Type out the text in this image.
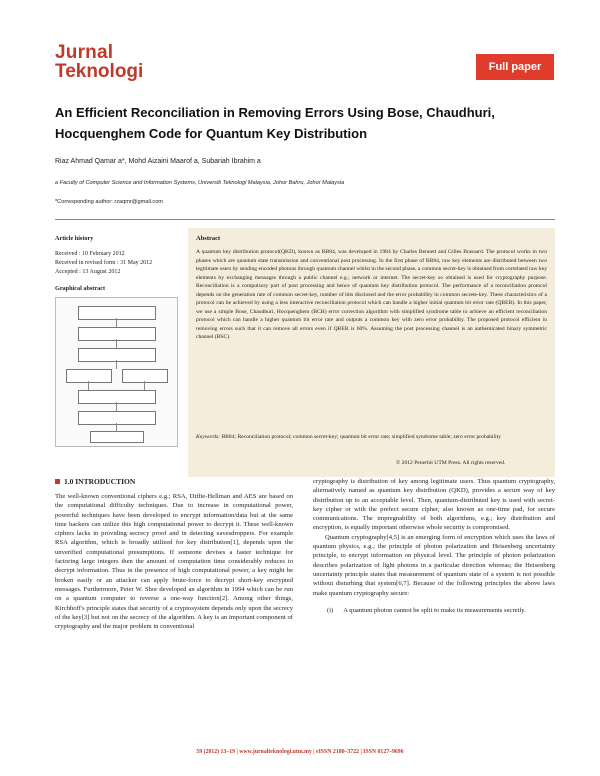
Jurnal
Teknologi	Full paper
An Efficient Reconciliation in Removing Errors Using Bose, Chaudhuri, Hocquenghem Code for Quantum Key Distribution
Riaz Ahmad Qamar a*, Mohd Aizaini Maarof a, Subariah Ibrahim a
a Faculty of Computer Science and Information Systems, Universiti Teknologi Malaysia, Johor Bahru, Johor Malaysia
*Corresponding author: rzaqmr@gmail.com
Article history
Received : 10 February 2012
Received in revised form : 31 May 2012
Accepted : 13 August 2012
Graphical abstract
Abstract
A quantum key distribution protocol(QKD), known as BB84, was developed in 1984 by Charles Bennett and Gilles Brassard. The protocol works in two phases which are quantum state transmission and conventional post processing. In the first phase of BB84, raw key elements are distributed between two legitimate users by sending encoded photons through quantum channel whilst in the second phase, a common secret-key is obtained from correlated raw key elements by exchanging messages through a public channel e.g.; network or internet. The secret-key so obtained is used for cryptography purpose. Reconciliation is a compulsory part of post processing and hence of quantum key distribution protocol. The performance of a reconciliation protocol depends on the generation rate of common secret-key, number of bits disclosed and the error probability in common secrete-key. These characteristics of a protocol can be achieved by using a less interactive reconciliation protocol which can handle a higher initial quantum bit error rate (QBER). In this paper, we use a simple Bose, Chaudhuri, Hocquenghem (BCH) error correction algorithm with simplified syndrome table to achieve an efficient reconciliation protocol which can handle a higher quantum bit error rate and outputs a common key with zero error probability. The proposed protocol efficient in removing errors such that it can remove all errors even if QBER is 60%. Assuming the post processing channel is an authenticated binary symmetric channel (BSC).
Keywords: BB84; Reconciliation protocol; common secret-key; quantum bit error rate; simplified syndrome table; zero error probability
© 2012 Penerbit UTM Press. All rights reserved.
1.0 INTRODUCTION

The well-known conventional ciphers e.g.; RSA, Diffie-Hellman and AES are based on the computational difficulty techniques. Due to increase in computational power, powerful techniques have been developed to encrypt information/data but at the same time hackers can utilize this high computational power to decrypt it. These well-known ciphers lacks in providing secrecy proof and in detecting eavesdroppers. For example RSA algorithm, which is broadly utilized for key distribution[1], depends upon the unverified computational presumptions. If someone devises a faster technique for factoring large integers then the amount of computation time considerably reduces to decrypt information. Thus in the presence of high computational power, a key might be broken easily or an attacker can apply brute-force to decrypt short-key encrypted messages. Furthermore, Peter W. Shor developed an algorithm in 1994 which can be run on a quantum computer to reverse a one-way function[2]. Among other things, Kirchhoff's principle states that security of a cryptosystem depends only upon the secrecy of the key[3] but not on the secrecy of the algorithm. A key is an important component of cryptography and the major problem in conventional

cryptography is distribution of key among legitimate users. Thus quantum cryptography, alternatively named as quantum key distribution (QKD), provides a secure way of key distribution up to an acceptable level. Then, quantum-distributed key is used with secret-key cipher or with the prefect secure cipher, also known as one-time pad, for secure communications. The impregnability of both algorithms, e.g.; key distribution and encryption, is equally important otherwise whole security is compromised.

Quantum cryptography[4,5] is an emerging form of encryption which uses the laws of quantum physics, e.g.; the principle of photon polarization and Heisenberg uncertainty principle, to encrypt information on physical level. The principle of photon polarization describes polarization of light photons in a particular direction whereas; the Heisenberg uncertainty principle states that measurement of quantum state of a system is not possible without disturbing that system[6,7]. Because of the following principles the above laws make quantum cryptography secure:

(i) A quantum photon cannot be split to make its measurements secretly.
59 (2012) 13–19 | www.jurnalteknologi.utm.my | eISSN 2180–3722 | ISSN 0127–9696
